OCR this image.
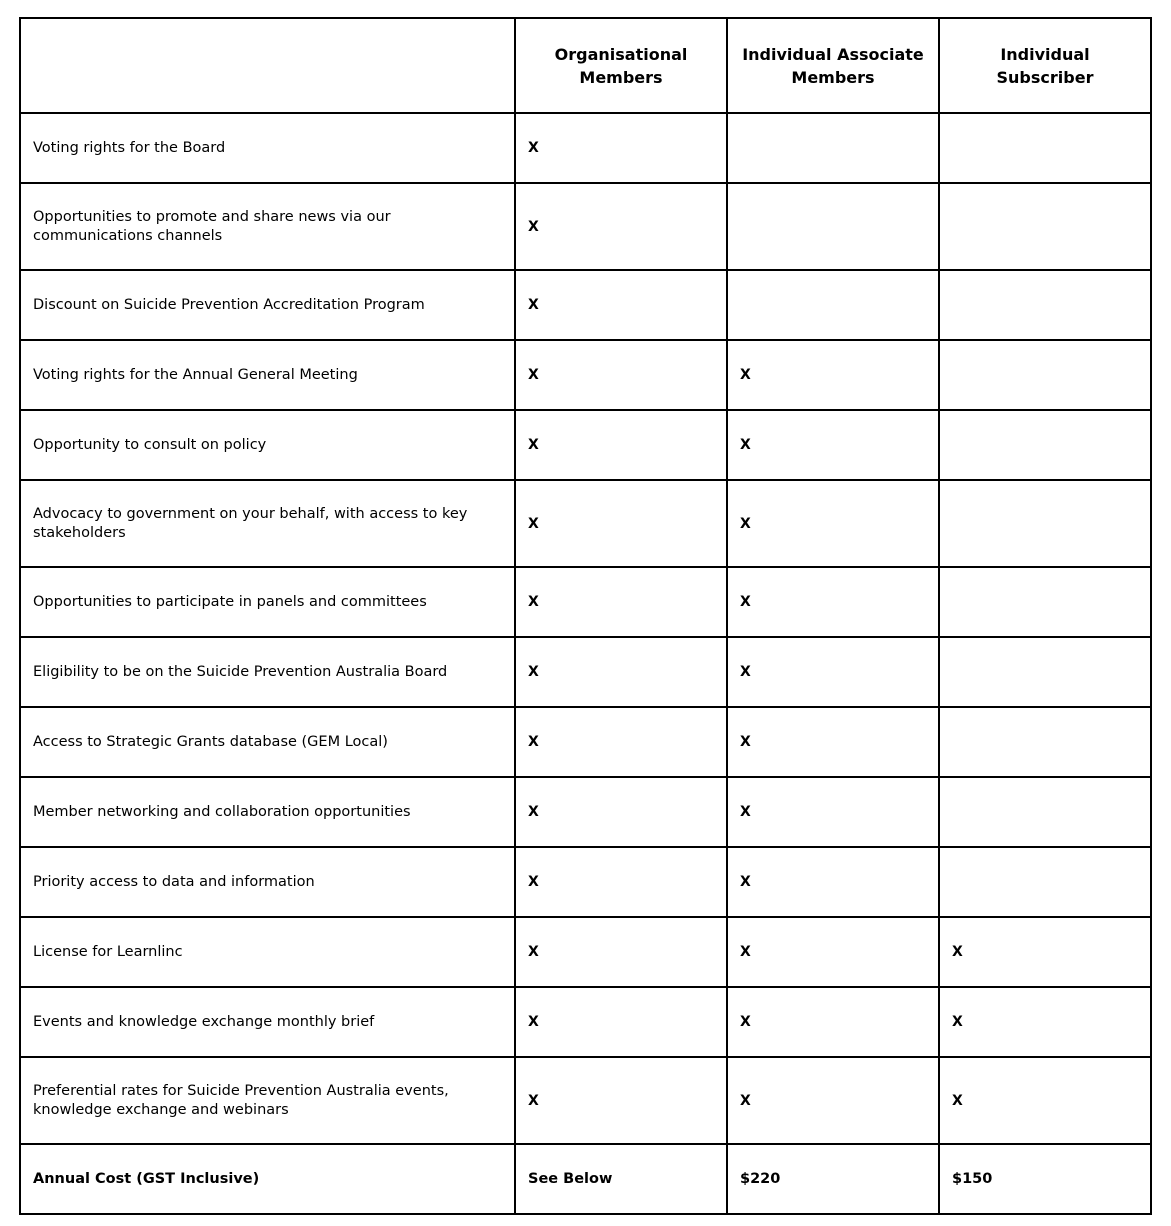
	Organisational Members	Individual Associate Members	Individual Subscriber
Voting rights for the Board	X		
Opportunities to promote and share news via our communications channels	X		
Discount on Suicide Prevention Accreditation Program	X		
Voting rights for the Annual General Meeting	X	X	
Opportunity to consult on policy	X	X	
Advocacy to government on your behalf, with access to key stakeholders	X	X	
Opportunities to participate in panels and committees	X	X	
Eligibility to be on the Suicide Prevention Australia Board	X	X	
Access to Strategic Grants database (GEM Local)	X	X	
Member networking and collaboration opportunities	X	X	
Priority access to data and information	X	X	
License for Learnlinc	X	X	X
Events and knowledge exchange monthly brief	X	X	X
Preferential rates for Suicide Prevention Australia events, knowledge exchange and webinars	X	X	X
Annual Cost (GST Inclusive)	See Below	$220	$150
